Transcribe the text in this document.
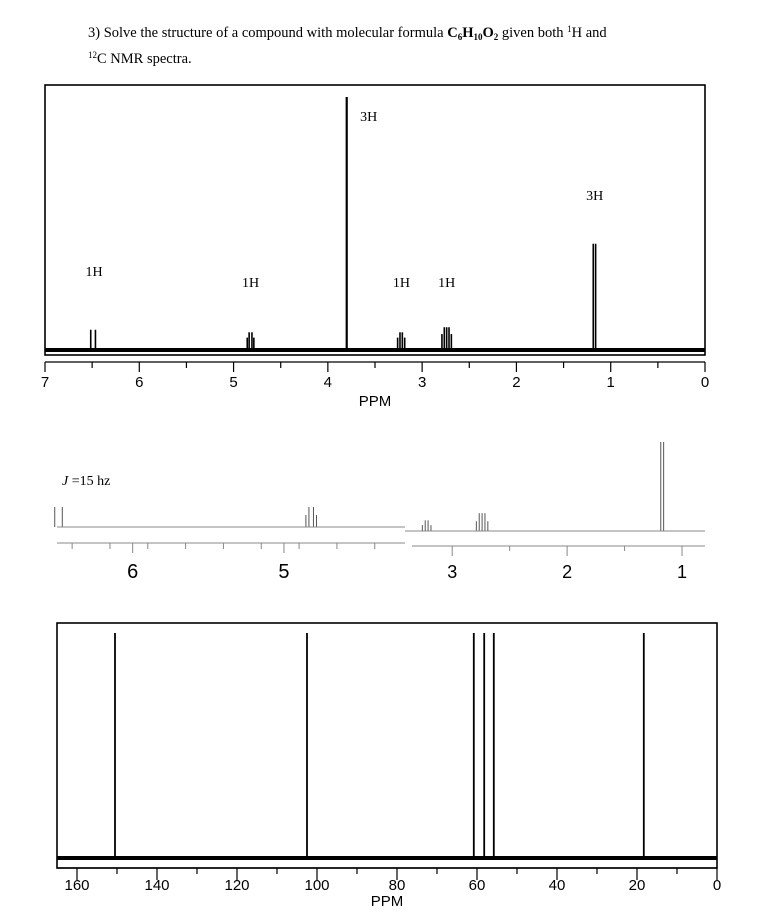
3) Solve the structure of a compound with molecular formula $C_6H_{10}O_2$ given both $^1$H and
$^{12}$C NMR spectra.
7	6	5	4	3	2	1	0
1H
1H
3H
1H 1H
3H
PPM
J =15 hz
6	5	3	2	1
160	140	120	100	80	60	40	20	0
PPM
